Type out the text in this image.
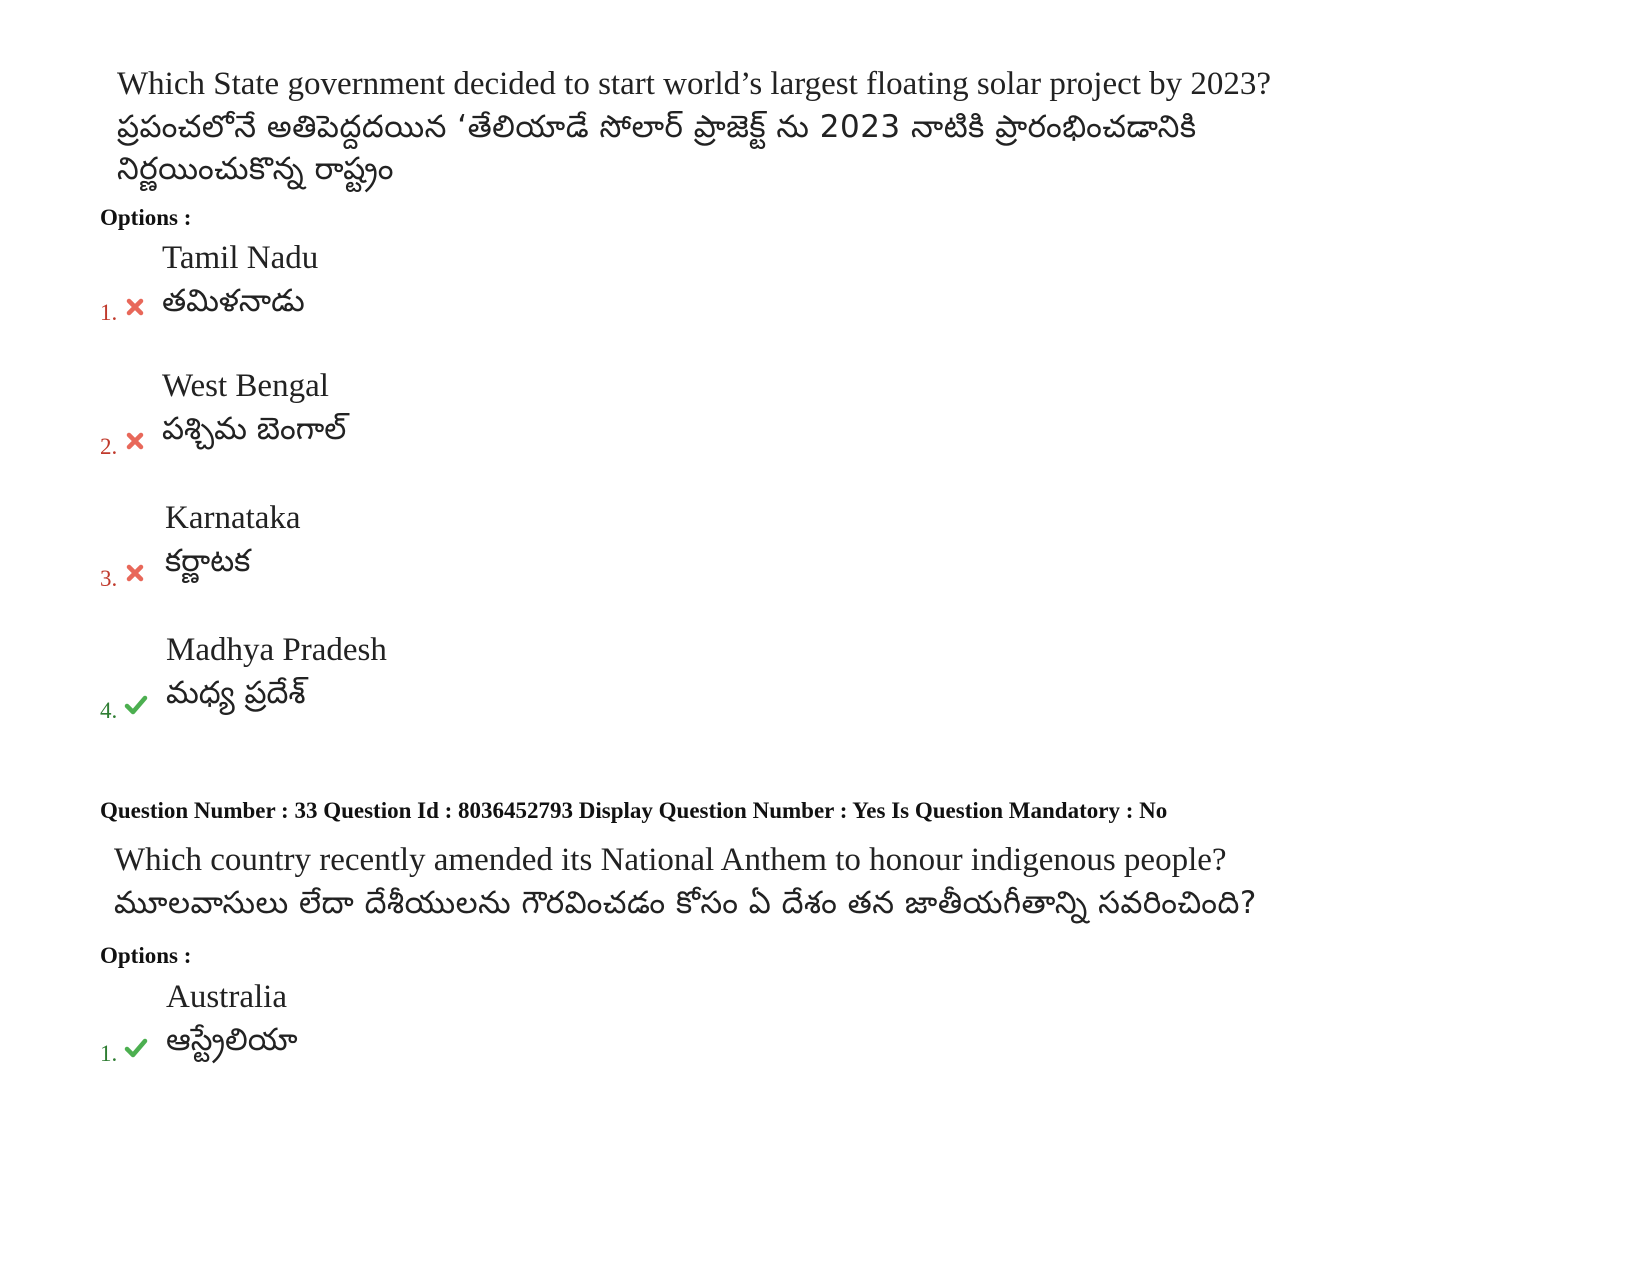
Which State government decided to start world’s largest floating solar project by 2023?
ప్రపంచలోనే అతిపెద్దదయిన ‘తేలియాడే సోలార్ ప్రాజెక్ట్ ను 2023 నాటికి ప్రారంభించడానికి
నిర్ణయించుకొన్న రాష్ట్రం
Options :
Tamil Nadu
తమిళనాడు
1.
West Bengal
పశ్చిమ బెంగాల్
2.
Karnataka
కర్ణాటక
3.
Madhya Pradesh
మధ్య ప్రదేశ్
4.
Question Number : 33 Question Id : 8036452793 Display Question Number : Yes Is Question Mandatory : No
Which country recently amended its National Anthem to honour indigenous people?
మూలవాసులు లేదా దేశీయులను గౌరవించడం కోసం ఏ దేశం తన జాతీయగీతాన్ని సవరించింది?
Options :
Australia
ఆస్ట్రేలియా
1.
